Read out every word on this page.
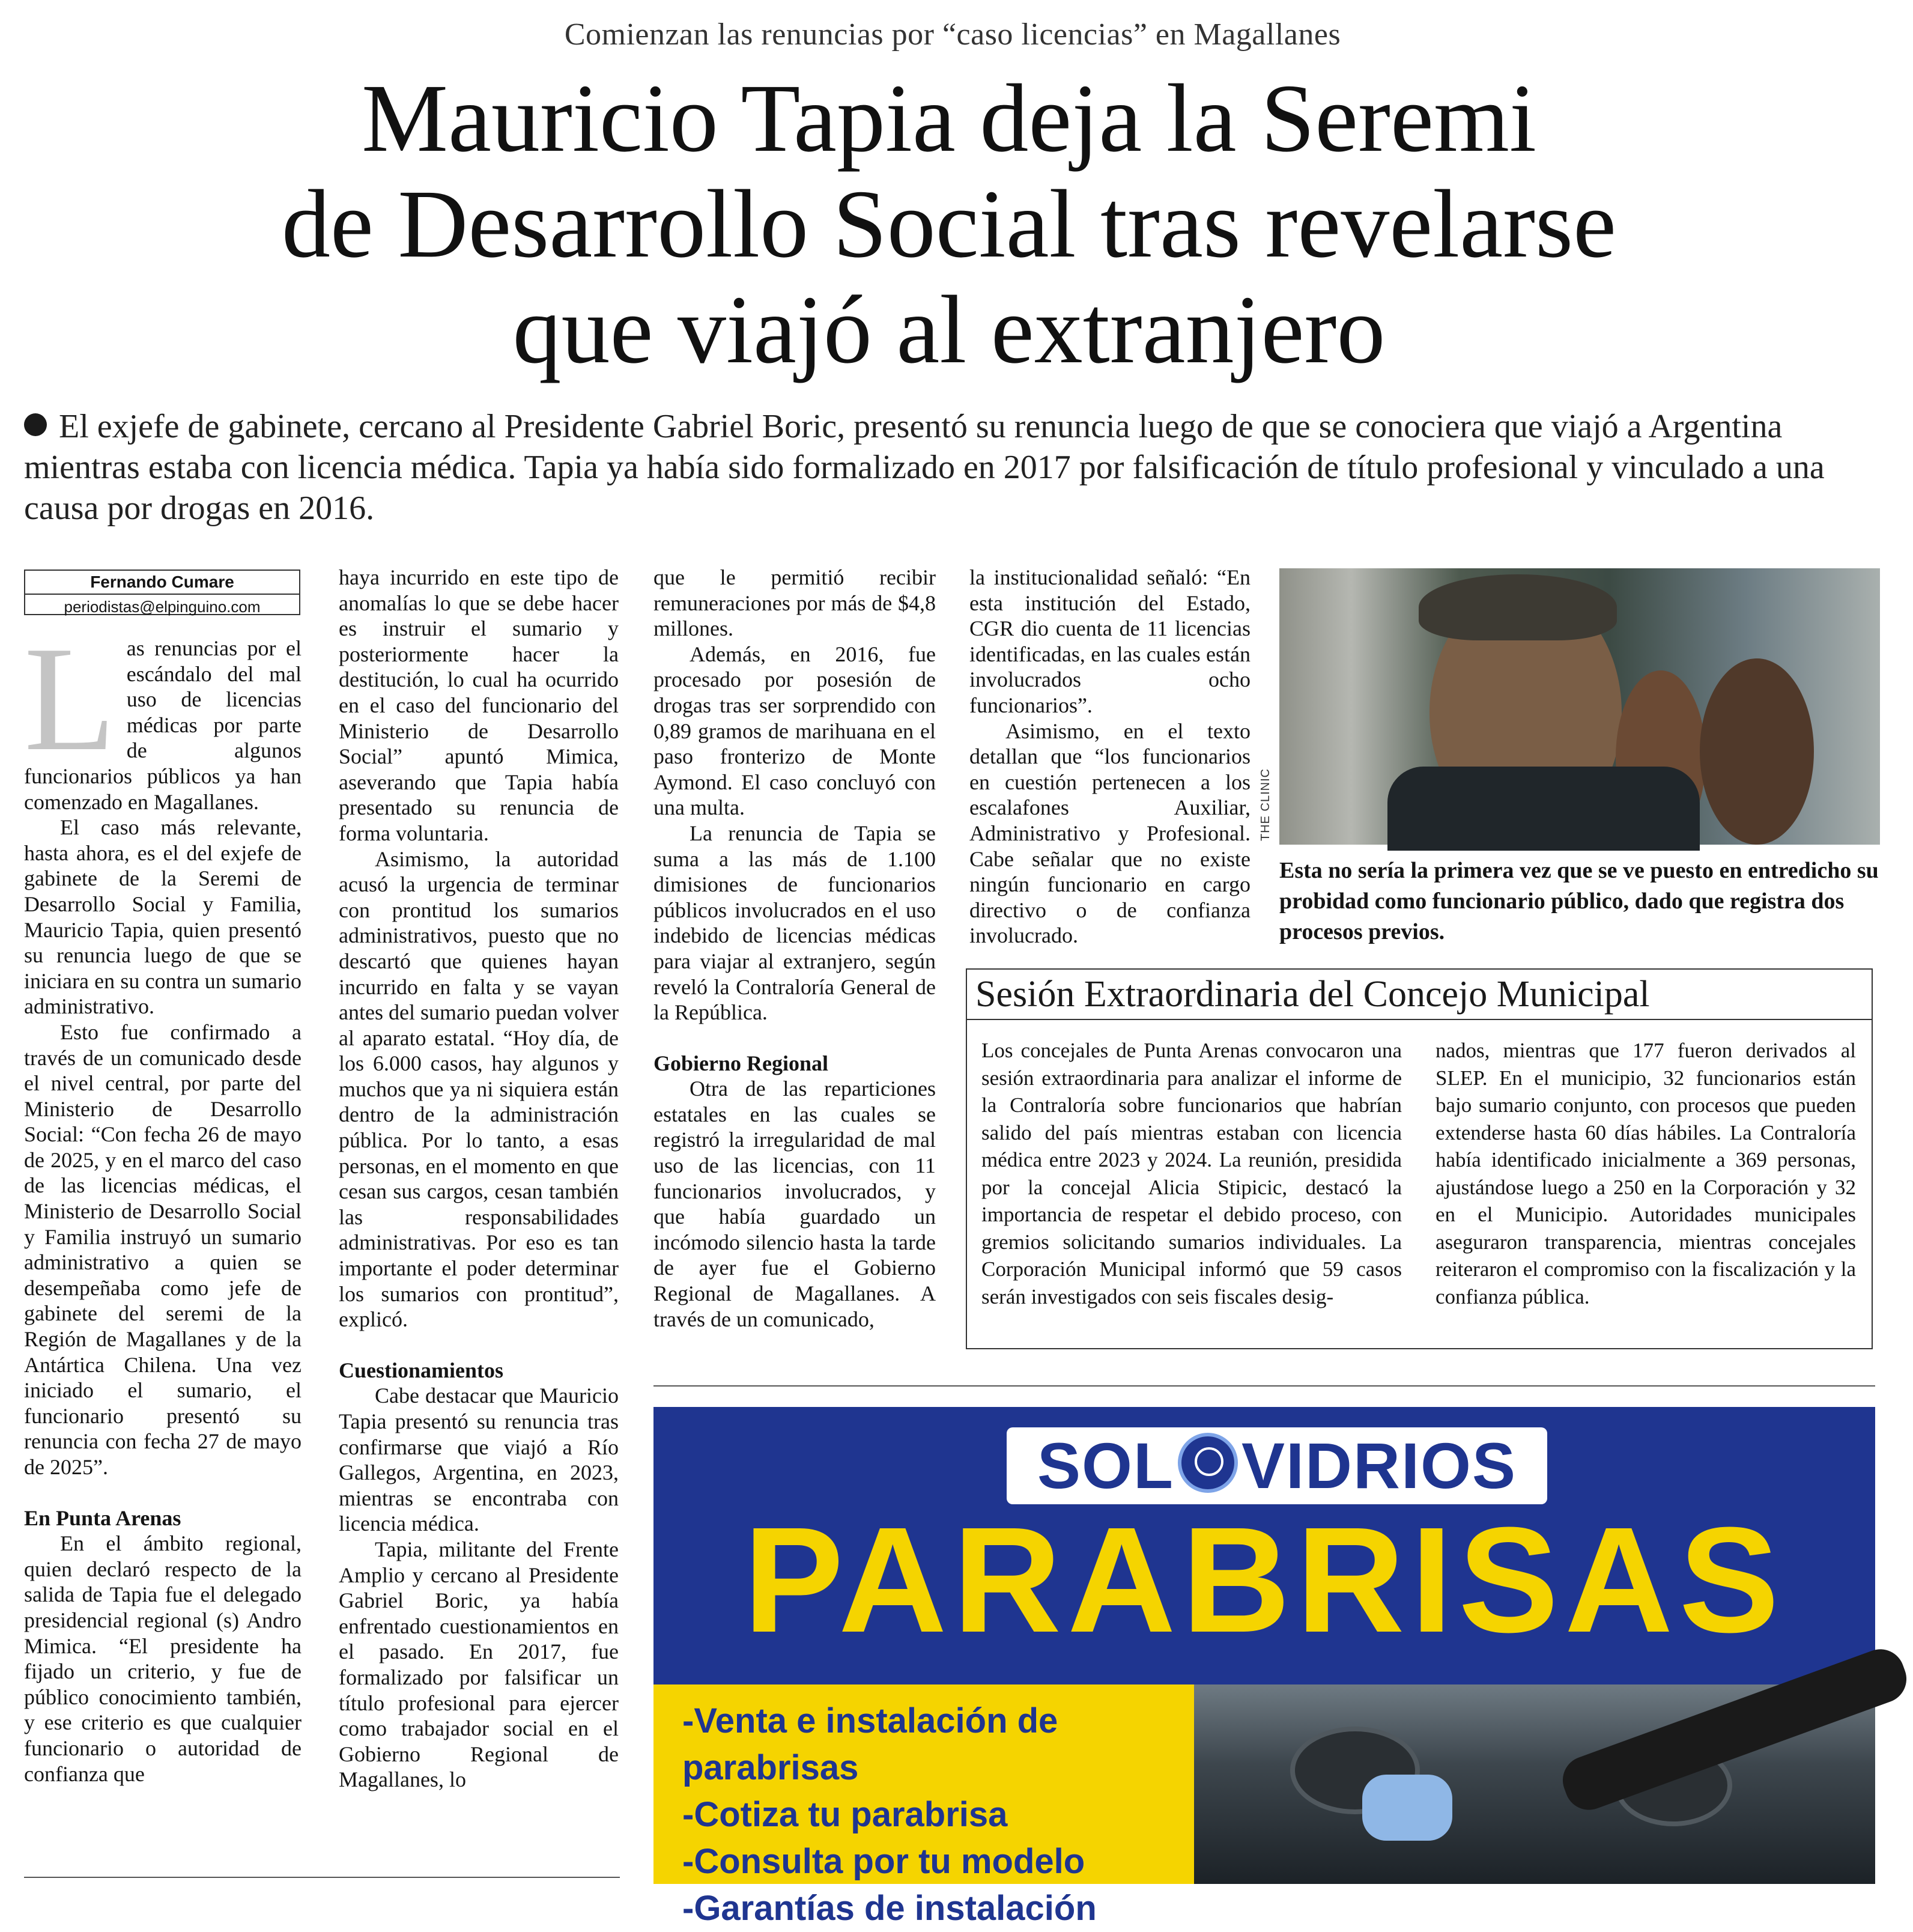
Comienzan las renuncias por “caso licencias” en Magallanes
Mauricio Tapia deja la Seremi
de Desarrollo Social tras revelarse
que viajó al extranjero

El exjefe de gabinete, cercano al Presidente Gabriel Boric, presentó su renuncia luego de que se conociera que viajó a Argentina mientras estaba con licencia médica. Tapia ya había sido formalizado en 2017 por falsificación de título profesional y vinculado a una causa por drogas en 2016.

Fernando Cumare
periodistas@elpinguino.com
L as renuncias por el escándalo del mal uso de licencias médicas por parte de algunos funcionarios públicos ya han comenzado en Magallanes.

El caso más relevante, hasta ahora, es el del exjefe de gabinete de la Seremi de Desarrollo Social y Familia, Mauricio Tapia, quien presentó su renuncia luego de que se iniciara en su contra un sumario administrativo.

Esto fue confirmado a través de un comunicado desde el nivel central, por parte del Ministerio de Desarrollo Social: “Con fecha 26 de mayo de 2025, y en el marco del caso de las licencias médicas, el Ministerio de Desarrollo Social y Familia instruyó un sumario administrativo a quien se desempeñaba como jefe de gabinete del seremi de la Región de Magallanes y de la Antártica Chilena. Una vez iniciado el sumario, el funcionario presentó su renuncia con fecha 27 de mayo de 2025”.

En Punta Arenas

En el ámbito regional, quien declaró respecto de la salida de Tapia fue el delegado presidencial regional (s) Andro Mimica. “El presidente ha fijado un criterio, y fue de público conocimiento también, y ese criterio es que cualquier funcionario o autoridad de confianza que

haya incurrido en este tipo de anomalías lo que se debe hacer es instruir el sumario y posteriormente hacer la destitución, lo cual ha ocurrido en el caso del funcionario del Ministerio de Desarrollo Social” apuntó Mimica, aseverando que Tapia había presentado su renuncia de forma voluntaria.

Asimismo, la autoridad acusó la urgencia de terminar con prontitud los sumarios administrativos, puesto que no descartó que quienes hayan incurrido en falta y se vayan antes del sumario puedan volver al aparato estatal. “Hoy día, de los 6.000 casos, hay algunos y muchos que ya ni siquiera están dentro de la administración pública. Por lo tanto, a esas personas, en el momento en que cesan sus cargos, cesan también las responsabilidades administrativas. Por eso es tan importante el poder determinar los sumarios con prontitud”, explicó.

Cuestionamientos

Cabe destacar que Mauricio Tapia presentó su renuncia tras confirmarse que viajó a Río Gallegos, Argentina, en 2023, mientras se encontraba con licencia médica.

Tapia, militante del Frente Amplio y cercano al Presidente Gabriel Boric, ya había enfrentado cuestionamientos en el pasado. En 2017, fue formalizado por falsificar un título profesional para ejercer como trabajador social en el Gobierno Regional de Magallanes, lo

que le permitió recibir remuneraciones por más de $4,8 millones.

Además, en 2016, fue procesado por posesión de drogas tras ser sorprendido con 0,89 gramos de marihuana en el paso fronterizo de Monte Aymond. El caso concluyó con una multa.

La renuncia de Tapia se suma a las más de 1.100 dimisiones de funcionarios públicos involucrados en el uso indebido de licencias médicas para viajar al extranjero, según reveló la Contraloría General de la República.

Gobierno Regional

Otra de las reparticiones estatales en las cuales se registró la irregularidad de mal uso de las licencias, con 11 funcionarios involucrados, y que había guardado un incómodo silencio hasta la tarde de ayer fue el Gobierno Regional de Magallanes. A través de un comunicado,

la institucionalidad señaló: “En esta institución del Estado, CGR dio cuenta de 11 licencias identificadas, en las cuales están involucrados ocho funcionarios”.

Asimismo, en el texto detallan que “los funcionarios en cuestión pertenecen a los escalafones Auxiliar, Administrativo y Profesional. Cabe señalar que no existe ningún funcionario en cargo directivo o de confianza involucrado.

THE CLINIC

Esta no sería la primera vez que se ve puesto en entredicho su probidad como funcionario público, dado que registra dos procesos previos.

Sesión Extraordinaria del Concejo Municipal

Los concejales de Punta Arenas convocaron una sesión extraordinaria para analizar el informe de la Contraloría sobre funcionarios que habrían salido del país mientras estaban con licencia médica entre 2023 y 2024. La reunión, presidida por la concejal Alicia Stipicic, destacó la importancia de respetar el debido proceso, con gremios solicitando sumarios individuales. La Corporación Municipal informó que 59 casos serán investigados con seis fiscales desig-

nados, mientras que 177 fueron derivados al SLEP. En el municipio, 32 funcionarios están bajo sumario conjunto, con procesos que pueden extenderse hasta 60 días hábiles. La Contraloría había identificado inicialmente a 369 personas, ajustándose luego a 250 en la Corporación y 32 en el Municipio. Autoridades municipales aseguraron transparencia, mientras concejales reiteraron el compromiso con la fiscalización y la confianza pública.

SOL VIDRIOS
PARABRISAS
-Venta e instalación de
parabrisas
-Cotiza tu parabrisa
-Consulta por tu modelo
-Garantías de instalación
